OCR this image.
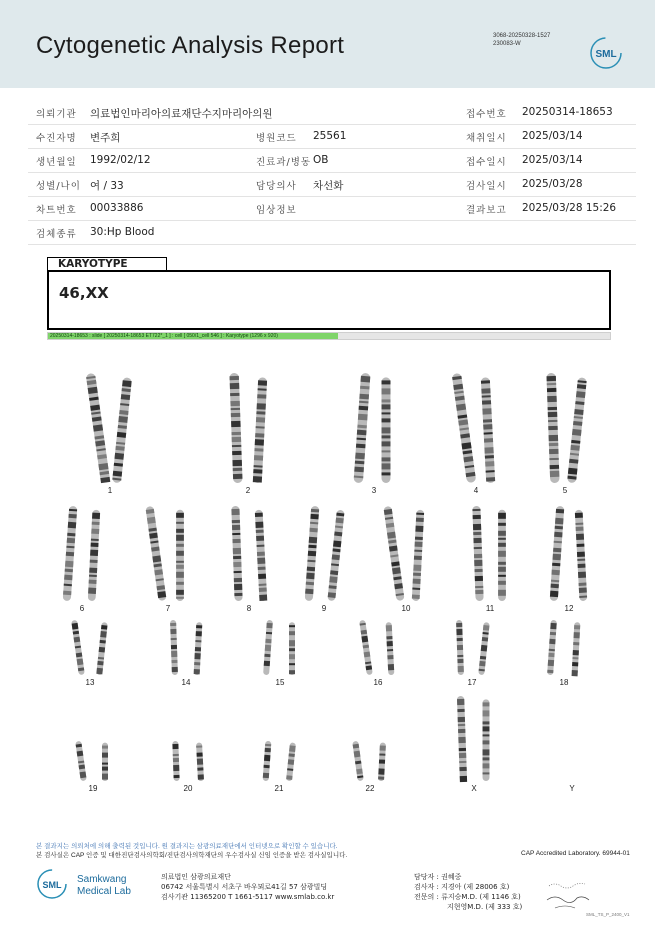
Cytogenetic Analysis Report	3068-20250328-1527
230083-W
SML
의뢰기관 의료법인마리아의료재단수지마리아의원	접수번호 20250314-18653
수진자명 변주희	병원코드 25561	채취일시 2025/03/14
생년월일 1992/02/12	진료과/병동 OB	접수일시 2025/03/14
성별/나이 여 / 33	담당의사 차선화	검사일시 2025/03/28
차트번호 00033886	임상정보	결과보고 2025/03/28 15:26
검체종류 30:Hp Blood
KARYOTYPE
46,XX
20250314-18653 : slide [ 20250314-18653 ET722*_1 ] : cell [ 050/1_cell 546 ] : Karyotype (1296 x 920)
1	2	3	4	5
6	7	8	9	10	11	12
13	14	15	16	17	18
19	20	21	22	X	Y
본 결과지는 의뢰처에 의해 출력된 것입니다. 원 결과지는 삼광의료재단에서 인터넷으로 확인할 수 있습니다.
본 검사실은 CAP 인증 및 대한진단검사의학회/진단검사의학재단의 우수검사실 신임 인증을 받은 검사실입니다.	CAP Accredited Laboratory. 69944-01
SML Samkwang
Medical Lab
의료법인 삼광의료재단
06742 서울특별시 서초구 바우뫼로41길 57 삼광빌딩
검사기관 11365200 T 1661-5117 www.smlab.co.kr
담당자 : 권혜중
검사자 : 지경아 (제 28006 호)
전문의 : 류지승M.D. (제 1146 호)
지현영M.D. (제 333 호)
SML_TS_P_2400_V1
